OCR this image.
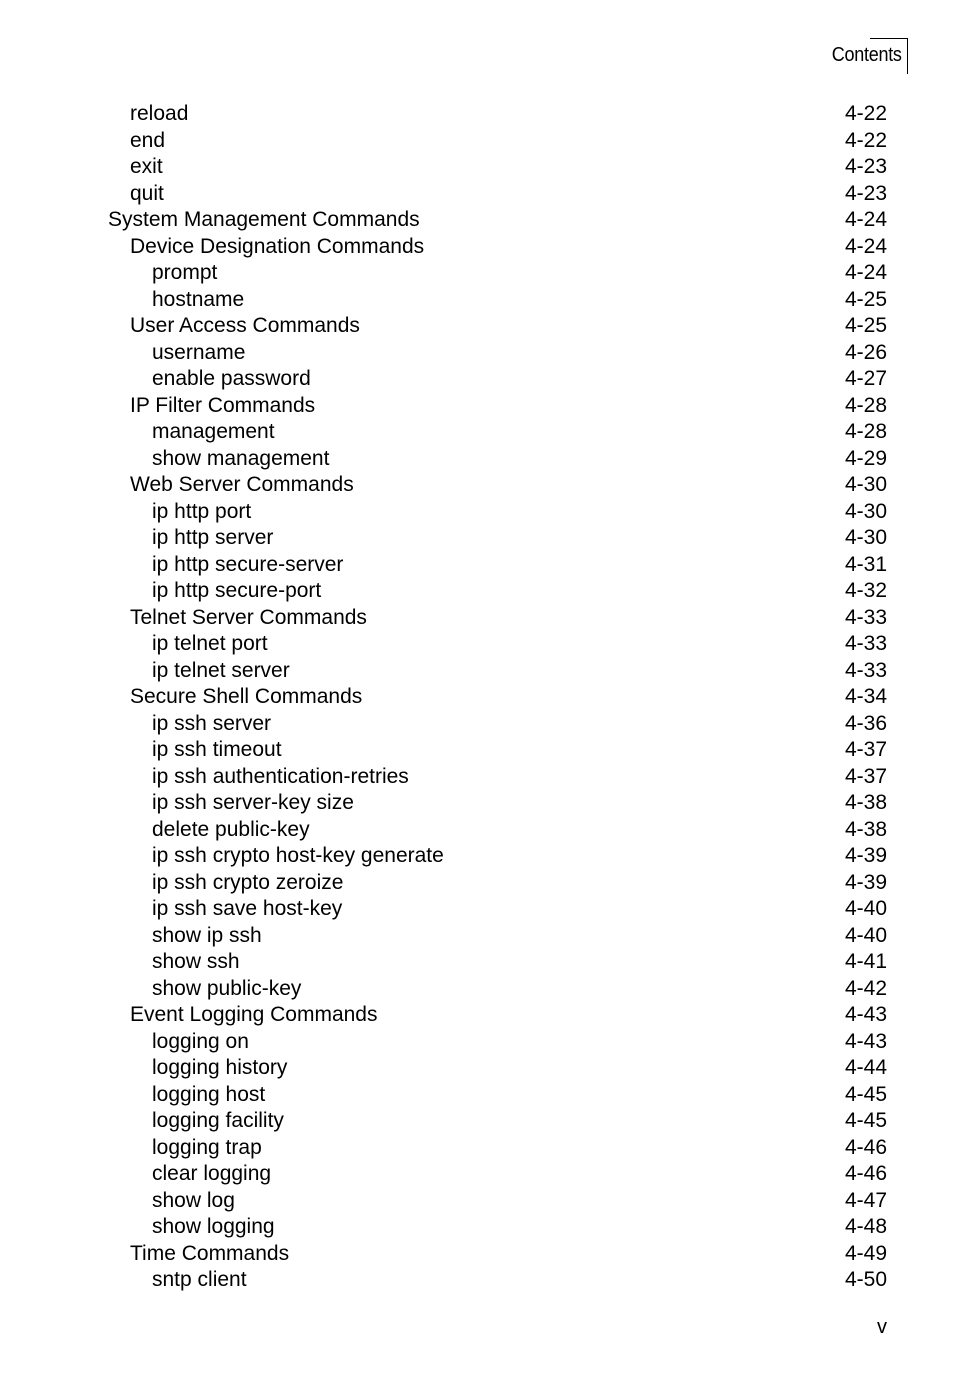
Contents
reload	4-22
end	4-22
exit	4-23
quit	4-23
System Management Commands	4-24
Device Designation Commands	4-24
prompt	4-24
hostname	4-25
User Access Commands	4-25
username	4-26
enable password	4-27
IP Filter Commands	4-28
management	4-28
show management	4-29
Web Server Commands	4-30
ip http port	4-30
ip http server	4-30
ip http secure-server	4-31
ip http secure-port	4-32
Telnet Server Commands	4-33
ip telnet port	4-33
ip telnet server	4-33
Secure Shell Commands	4-34
ip ssh server	4-36
ip ssh timeout	4-37
ip ssh authentication-retries	4-37
ip ssh server-key size	4-38
delete public-key	4-38
ip ssh crypto host-key generate	4-39
ip ssh crypto zeroize	4-39
ip ssh save host-key	4-40
show ip ssh	4-40
show ssh	4-41
show public-key	4-42
Event Logging Commands	4-43
logging on	4-43
logging history	4-44
logging host	4-45
logging facility	4-45
logging trap	4-46
clear logging	4-46
show log	4-47
show logging	4-48
Time Commands	4-49
sntp client	4-50
v
